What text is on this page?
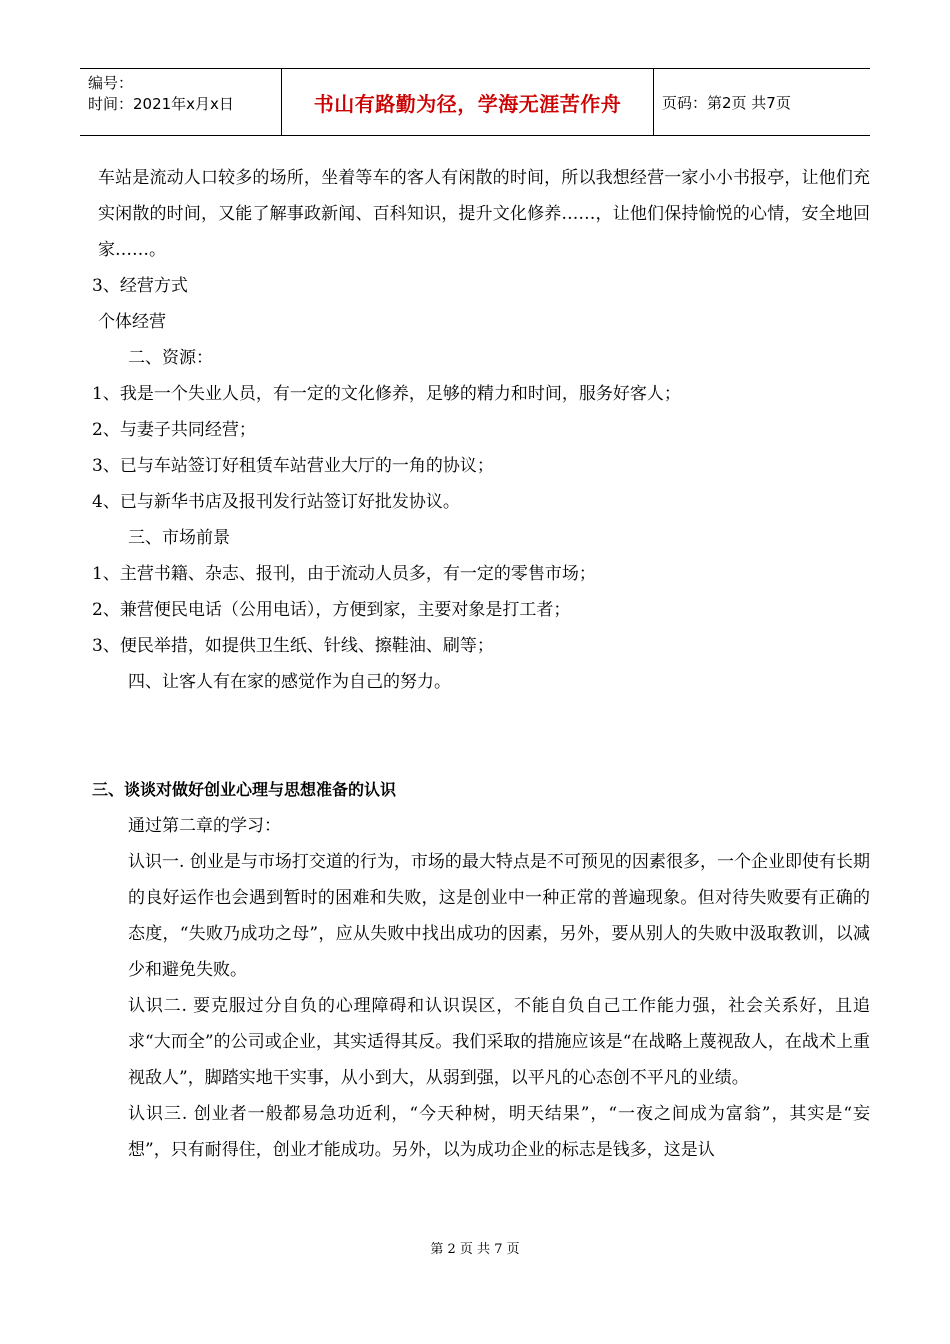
编号：
时间：2021年x月x日	书山有路勤为径，学海无涯苦作舟	页码：第2页 共7页

车站是流动人口较多的场所，坐着等车的客人有闲散的时间，所以我想经营一家小小书报亭，让他们充实闲散的时间，又能了解事政新闻、百科知识，提升文化修养……，让他们保持愉悦的心情，安全地回家……。

3、经营方式

个体经营

二、资源：

1、我是一个失业人员，有一定的文化修养，足够的精力和时间，服务好客人；

2、与妻子共同经营；

3、已与车站签订好租赁车站营业大厅的一角的协议；

4、已与新华书店及报刊发行站签订好批发协议。

三、市场前景

1、主营书籍、杂志、报刊，由于流动人员多，有一定的零售市场；

2、兼营便民电话（公用电话），方便到家，主要对象是打工者；

3、便民举措，如提供卫生纸、针线、擦鞋油、刷等；

四、让客人有在家的感觉作为自己的努力。

三、谈谈对做好创业心理与思想准备的认识

通过第二章的学习：

认识一. 创业是与市场打交道的行为，市场的最大特点是不可预见的因素很多，一个企业即使有长期的良好运作也会遇到暂时的困难和失败，这是创业中一种正常的普遍现象。但对待失败要有正确的态度，“失败乃成功之母”，应从失败中找出成功的因素，另外，要从别人的失败中汲取教训，以减少和避免失败。

认识二. 要克服过分自负的心理障碍和认识误区，不能自负自己工作能力强，社会关系好，且追求“大而全”的公司或企业，其实适得其反。我们采取的措施应该是“在战略上蔑视敌人，在战术上重视敌人”，脚踏实地干实事，从小到大，从弱到强，以平凡的心态创不平凡的业绩。

认识三. 创业者一般都易急功近利，“今天种树，明天结果”，“一夜之间成为富翁”，其实是“妄想”，只有耐得住，创业才能成功。另外，以为成功企业的标志是钱多，这是认

第 2 页 共 7 页
